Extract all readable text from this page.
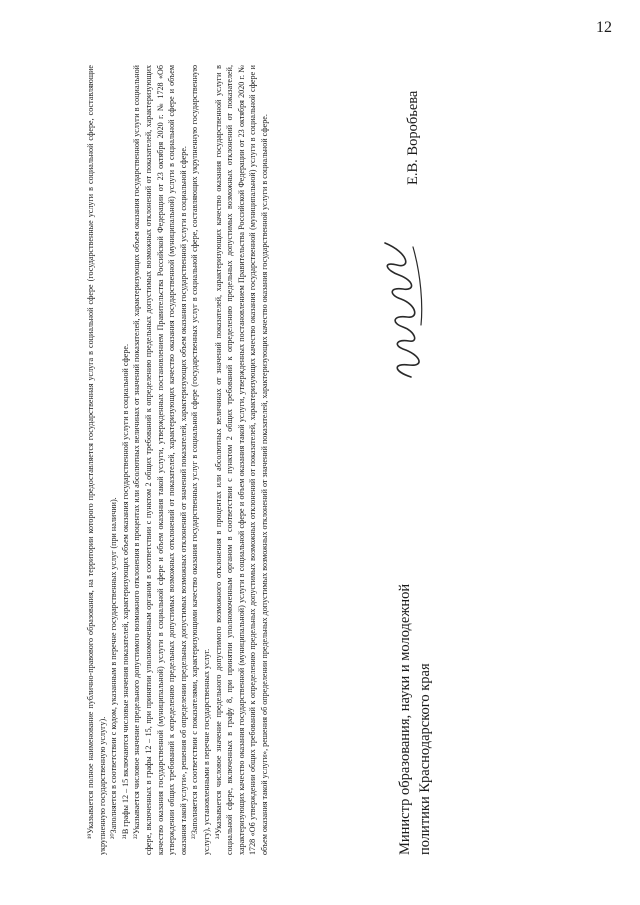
12

¹⁹Указывается полное наименование публично-правового образования, на территории которого предоставляется государственная услуга в социальной сфере (государственные услуги в социальной сфере, составляющие укрупненную государственную услугу). ²⁰Заполняется в соответствии с кодом, указанным в перечне государственных услуг (при наличии). ²¹В графы 12 – 15 включаются числовые значения показателей, характеризующих объем оказания государственной услуги в социальной сфере. ²²Указывается числовое значение предельного допустимого возможного отклонения в процентах или абсолютных величинах от значений показателей, характеризующих объем оказания государственной услуги в социальной сфере, включенных в графы 12 – 15, при принятии уполномоченным органом в соответствии с пунктом 2 общих требований к определению предельных допустимых возможных отклонений от показателей, характеризующих качество оказания государственной (муниципальной) услуги в социальной сфере и объем оказания такой услуги, утвержденных постановлением Правительства Российской Федерации от 23 октября 2020 г. № 1728 «Об утверждении общих требований к определению предельных допустимых возможных отклонений от показателей, характеризующих качество оказания государственной (муниципальной) услуги в социальной сфере и объем оказания такой услуги», решения об определении предельных допустимых возможных отклонений от значений показателей, характеризующих объем оказания государственной услуги в социальной сфере. ²³Заполняется в соответствии с показателями, характеризующими качество оказания государственных услуг в социальной сфере (государственных услуг в социальной сфере, составляющих укрупненную государственную услугу), установленными в перечне государственных услуг. ²⁴Указывается числовое значение предельного допустимого возможного отклонения в процентах или абсолютных величинах от значений показателей, характеризующих качество оказания государственной услуги в социальной сфере, включенных в графу 8, при принятии уполномоченным органом в соответствии с пунктом 2 общих требований к определению предельных допустимых возможных отклонений от показателей, характеризующих качество оказания государственной (муниципальной) услуги в социальной сфере и объем оказания такой услуги, утвержденных постановлением Правительства Российской Федерации от 23 октября 2020 г. № 1728 «Об утверждении общих требований к определению предельных допустимых возможных отклонений от показателей, характеризующих качество оказания государственной (муниципальной) услуги в социальной сфере и объем оказания такой услуги», решения об определении предельных допустимых возможных отклонений от значений показателей, характеризующих качество оказания государственной услуги в социальной сфере.	Министр образования, науки и молодежной политики Краснодарского края
Е.В. Воробьева
